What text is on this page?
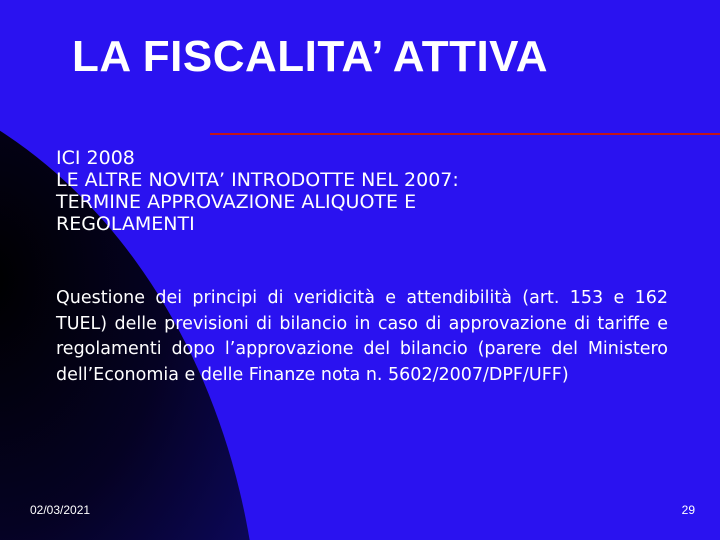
LA FISCALITA’ ATTIVA
ICI 2008
LE ALTRE NOVITA’ INTRODOTTE NEL 2007:
TERMINE APPROVAZIONE ALIQUOTE E
REGOLAMENTI
Questione dei principi di veridicità e attendibilità (art. 153 e 162 TUEL) delle previsioni di bilancio in caso di approvazione di tariffe e regolamenti dopo l’approvazione del bilancio (parere del Ministero dell’Economia e delle Finanze nota n. 5602/2007/DPF/UFF)
02/03/2021	29
